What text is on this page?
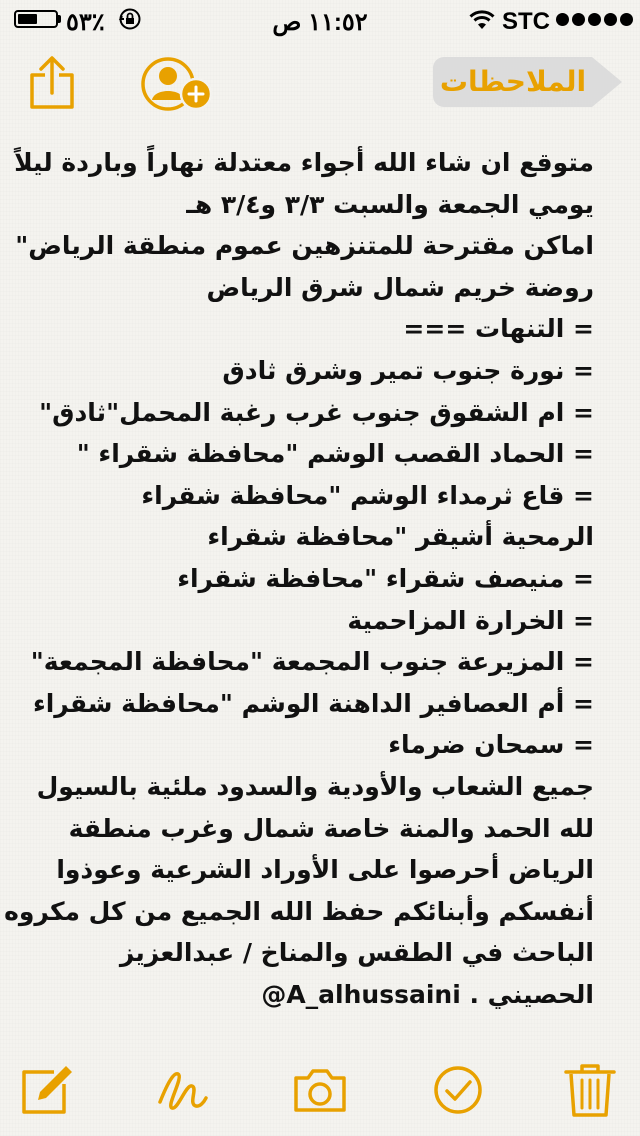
٥٣٪	١١:٥٢ ص	STC
الملاحظات
متوقع ان شاء الله أجواء معتدلة نهاراً وباردة ليلاً
يومي الجمعة والسبت ٣/٣ و٣/٤ هـ
اماكن مقترحة للمتنزهين عموم منطقة الرياض"
روضة خريم شمال شرق الرياض
= التنهات ===
= نورة جنوب تمير وشرق ثادق
= ام الشقوق جنوب غرب رغبة المحمل"ثادق"
= الحماد القصب الوشم "محافظة شقراء "
= قاع ثرمداء الوشم "محافظة شقراء
الرمحية أشيقر "محافظة شقراء
= منيصف شقراء "محافظة شقراء
= الخرارة المزاحمية
= المزيرعة جنوب المجمعة "محافظة المجمعة"
= أم العصافير الداهنة الوشم "محافظة شقراء
= سمحان ضرماء
جميع الشعاب والأودية والسدود ملئية بالسيول
لله الحمد والمنة خاصة شمال وغرب منطقة
الرياض أحرصوا على الأوراد الشرعية وعوذوا
أنفسكم وأبنائكم حفظ الله الجميع من كل مكروه
الباحث في الطقس والمناخ / عبدالعزيز
الحصيني . A_alhussaini@
